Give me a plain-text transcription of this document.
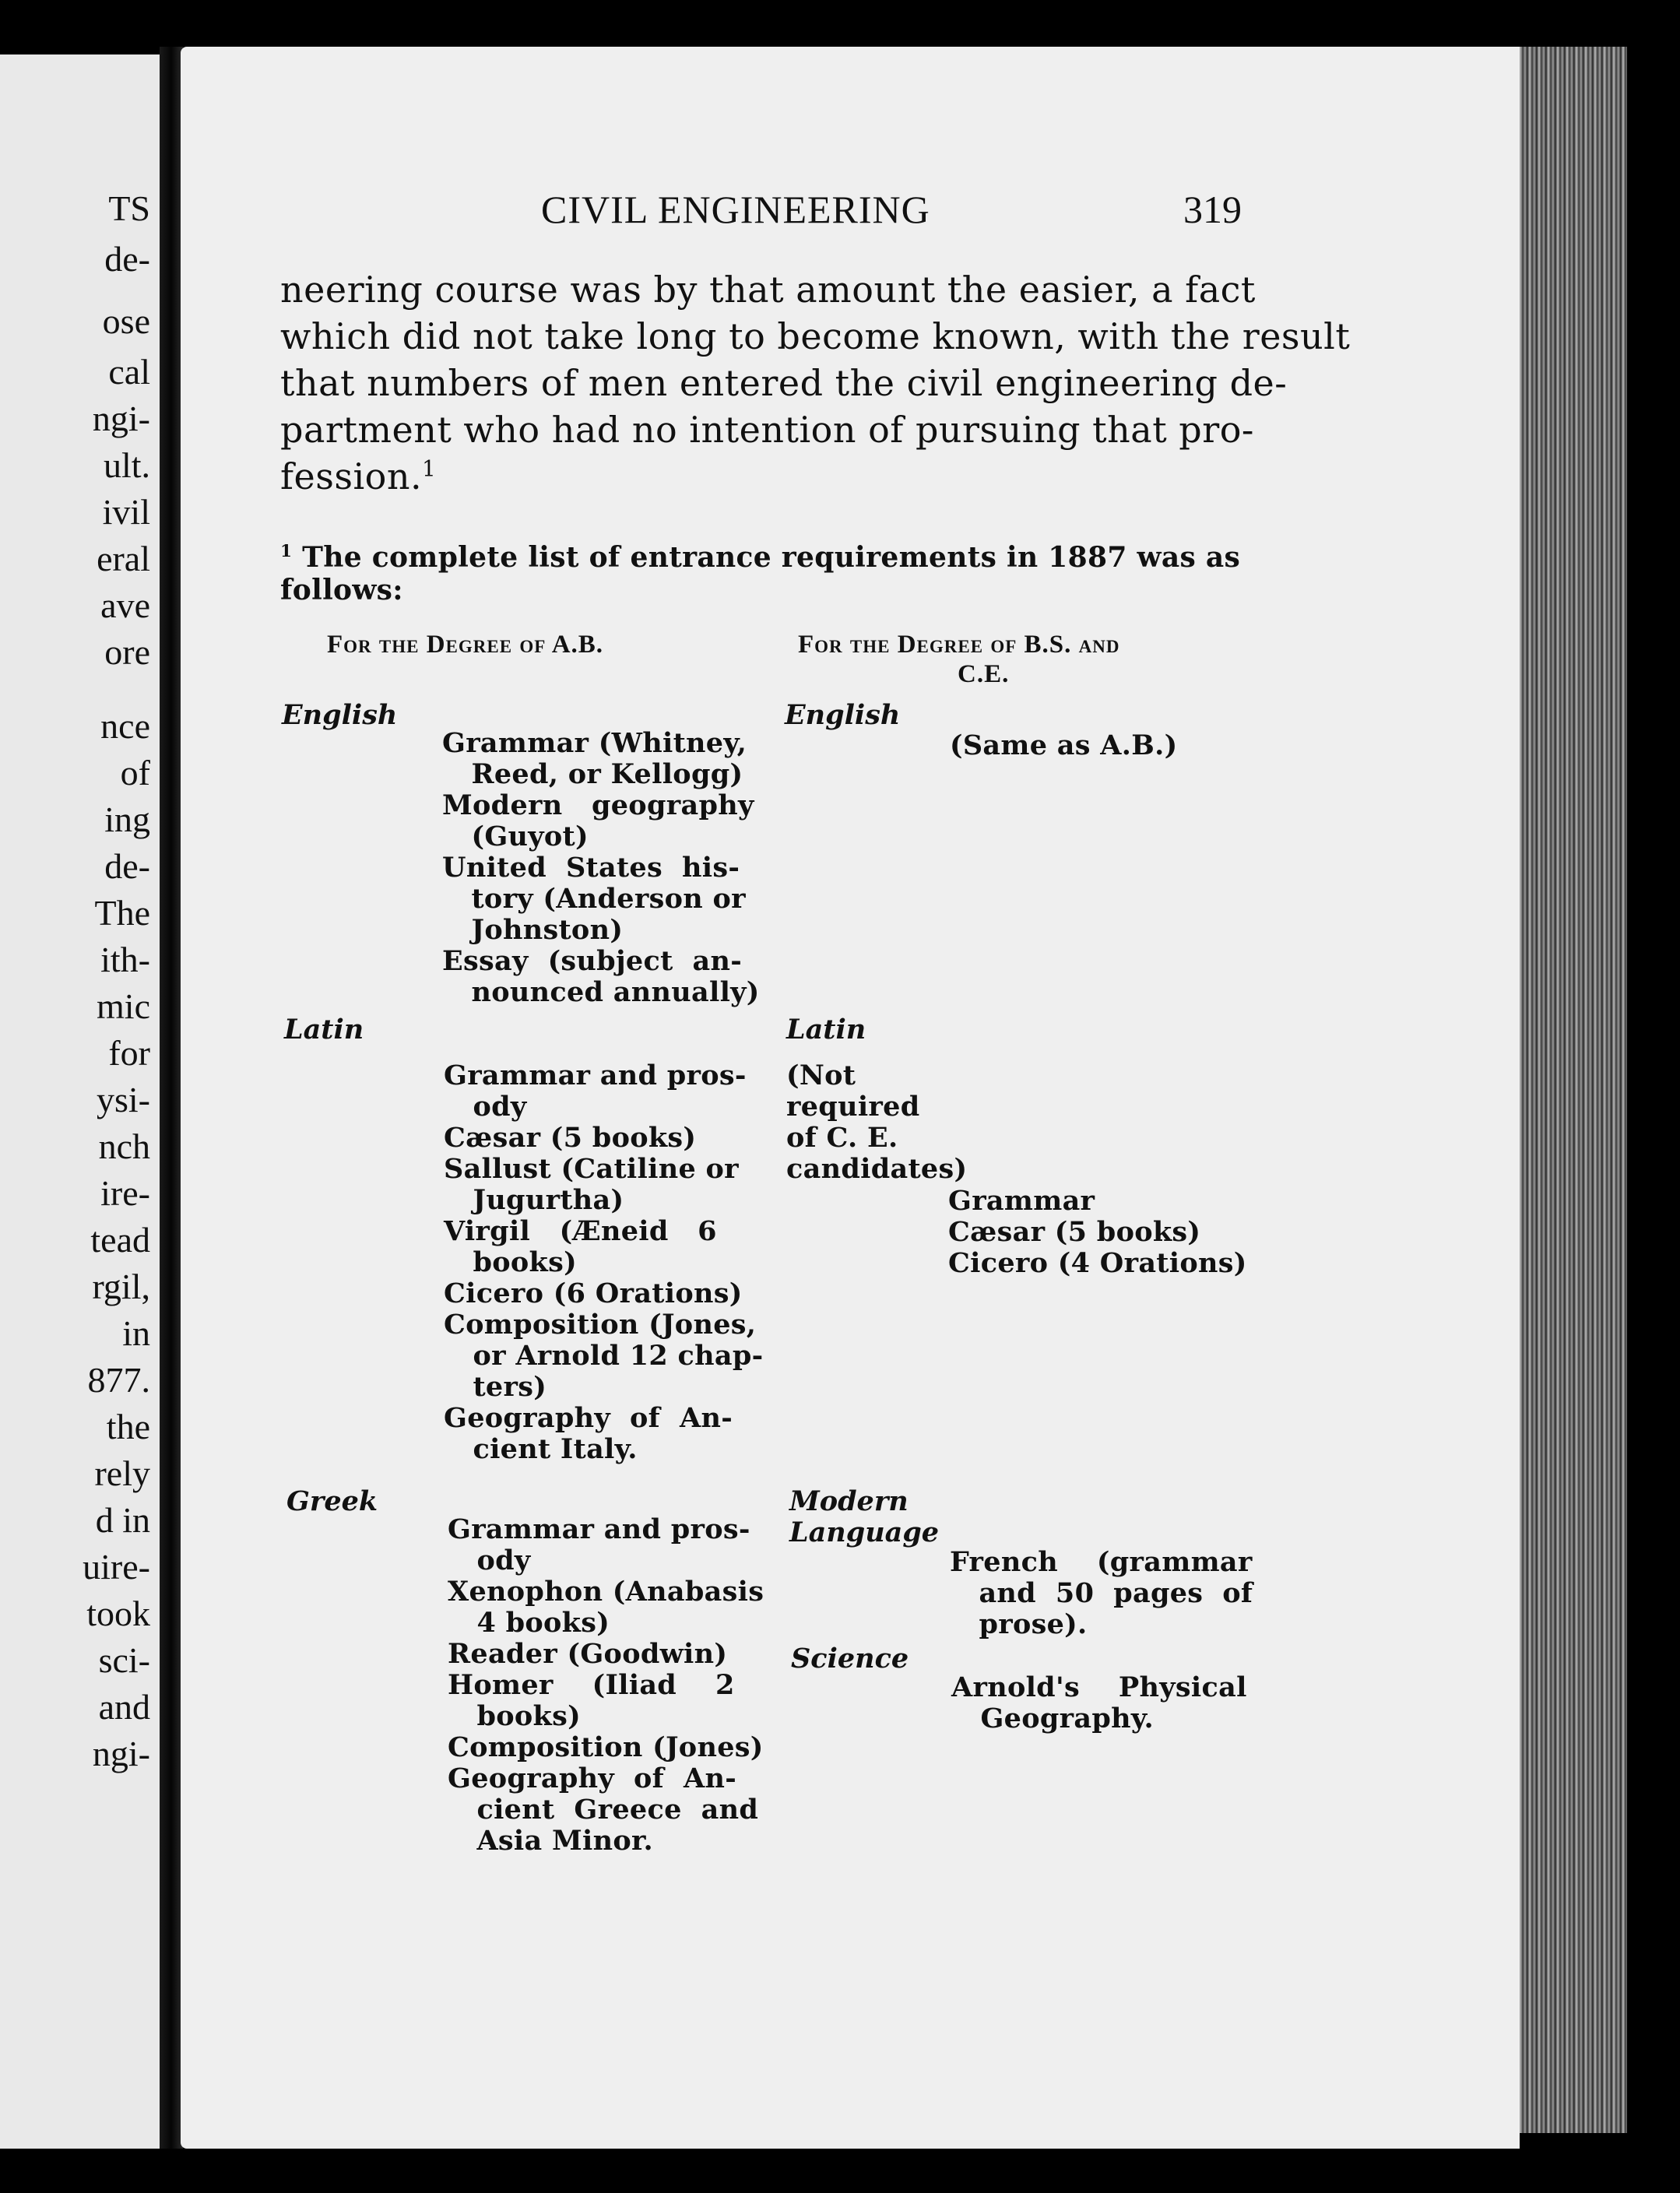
TS
de-
ose
cal
ngi-
ult.
ivil
eral
ave
ore
nce
of
ing
de-
The
ith-
mic
for
ysi-
nch
ire-
tead
rgil,
in
877.
the
rely
d in
uire-
took
sci-
and
ngi-
CIVIL ENGINEERING	319
neering course was by that amount the easier, a fact
which did not take long to become known, with the result
that numbers of men entered the civil engineering de-
partment who had no intention of pursuing that pro-
fession.$^1$
$^1$ The complete list of entrance requirements in 1887 was as
follows:
For the Degree of A.B.	For the Degree of B.S. and
C.E.
English
Grammar (Whitney,
Reed, or Kellogg)
Modern   geography
(Guyot)
United  States  his-
tory (Anderson or
Johnston)
Essay  (subject  an-
nounced annually)
Latin
Grammar and pros-
ody
Cæsar (5 books)
Sallust (Catiline or
Jugurtha)
Virgil   (Æneid   6
books)
Cicero (6 Orations)
Composition (Jones,
or Arnold 12 chap-
ters)
Geography  of  An-
cient Italy.
Greek
Grammar and pros-
ody
Xenophon (Anabasis
4 books)
Reader (Goodwin)
Homer    (Iliad    2
books)
Composition (Jones)
Geography  of  An-
cient  Greece  and
Asia Minor.
English
(Same as A.B.)
Latin
(Not
required
of C. E.
candidates)
Grammar
Cæsar (5 books)
Cicero (4 Orations)
Modern
Language
French    (grammar
and  50  pages  of
prose).
Science
Arnold's    Physical
Geography.
